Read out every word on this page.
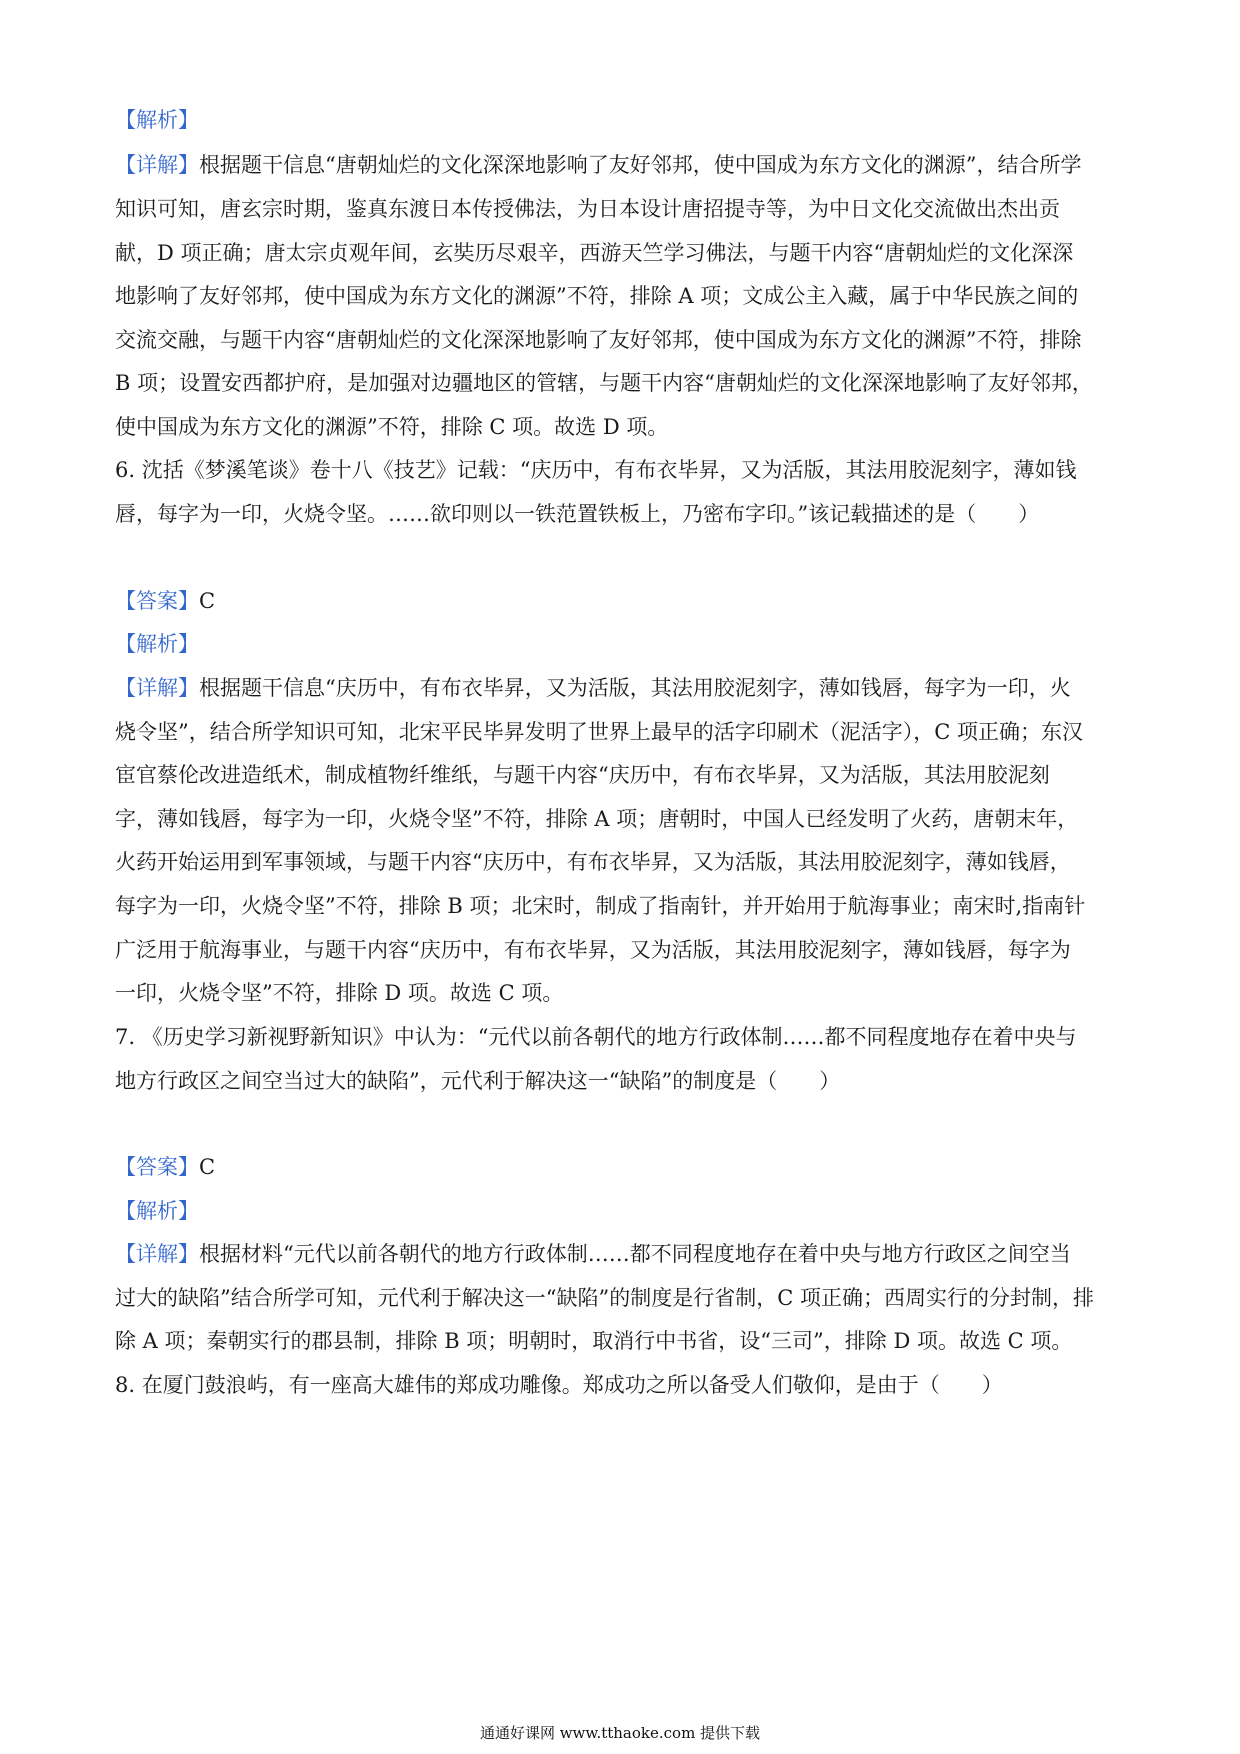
【解析】
【详解】根据题干信息“唐朝灿烂的文化深深地影响了友好邻邦，使中国成为东方文化的渊源”，结合所学
知识可知，唐玄宗时期，鉴真东渡日本传授佛法，为日本设计唐招提寺等，为中日文化交流做出杰出贡
献，D 项正确；唐太宗贞观年间，玄奘历尽艰辛，西游天竺学习佛法，与题干内容“唐朝灿烂的文化深深
地影响了友好邻邦，使中国成为东方文化的渊源”不符，排除 A 项；文成公主入藏，属于中华民族之间的
交流交融，与题干内容“唐朝灿烂的文化深深地影响了友好邻邦，使中国成为东方文化的渊源”不符，排除
B 项；设置安西都护府，是加强对边疆地区的管辖，与题干内容“唐朝灿烂的文化深深地影响了友好邻邦，
使中国成为东方文化的渊源”不符，排除 C 项。故选 D 项。
6. 沈括《梦溪笔谈》卷十八《技艺》记载：“庆历中，有布衣毕昇，又为活版，其法用胶泥刻字，薄如钱
唇，每字为一印，火烧令坚。……欲印则以一铁范置铁板上，乃密布字印。”该记载描述的是（　　）
【答案】C
【解析】
【详解】根据题干信息“庆历中，有布衣毕昇，又为活版，其法用胶泥刻字，薄如钱唇，每字为一印，火
烧令坚”，结合所学知识可知，北宋平民毕昇发明了世界上最早的活字印刷术（泥活字），C 项正确；东汉
宦官蔡伦改进造纸术，制成植物纤维纸，与题干内容“庆历中，有布衣毕昇，又为活版，其法用胶泥刻
字，薄如钱唇，每字为一印，火烧令坚”不符，排除 A 项；唐朝时，中国人已经发明了火药，唐朝末年，
火药开始运用到军事领域，与题干内容“庆历中，有布衣毕昇，又为活版，其法用胶泥刻字，薄如钱唇，
每字为一印，火烧令坚”不符，排除 B 项；北宋时，制成了指南针，并开始用于航海事业；南宋时,指南针
广泛用于航海事业，与题干内容“庆历中，有布衣毕昇，又为活版，其法用胶泥刻字，薄如钱唇，每字为
一印，火烧令坚”不符，排除 D 项。故选 C 项。
7. 《历史学习新视野新知识》中认为：“元代以前各朝代的地方行政体制……都不同程度地存在着中央与
地方行政区之间空当过大的缺陷”，元代利于解决这一“缺陷”的制度是（　　）
【答案】C
【解析】
【详解】根据材料“元代以前各朝代的地方行政体制……都不同程度地存在着中央与地方行政区之间空当
过大的缺陷”结合所学可知，元代利于解决这一“缺陷”的制度是行省制，C 项正确；西周实行的分封制，排
除 A 项；秦朝实行的郡县制，排除 B 项；明朝时，取消行中书省，设“三司”，排除 D 项。故选 C 项。
8. 在厦门鼓浪屿，有一座高大雄伟的郑成功雕像。郑成功之所以备受人们敬仰，是由于（　　）
通通好课网 www.tthaoke.com 提供下载
